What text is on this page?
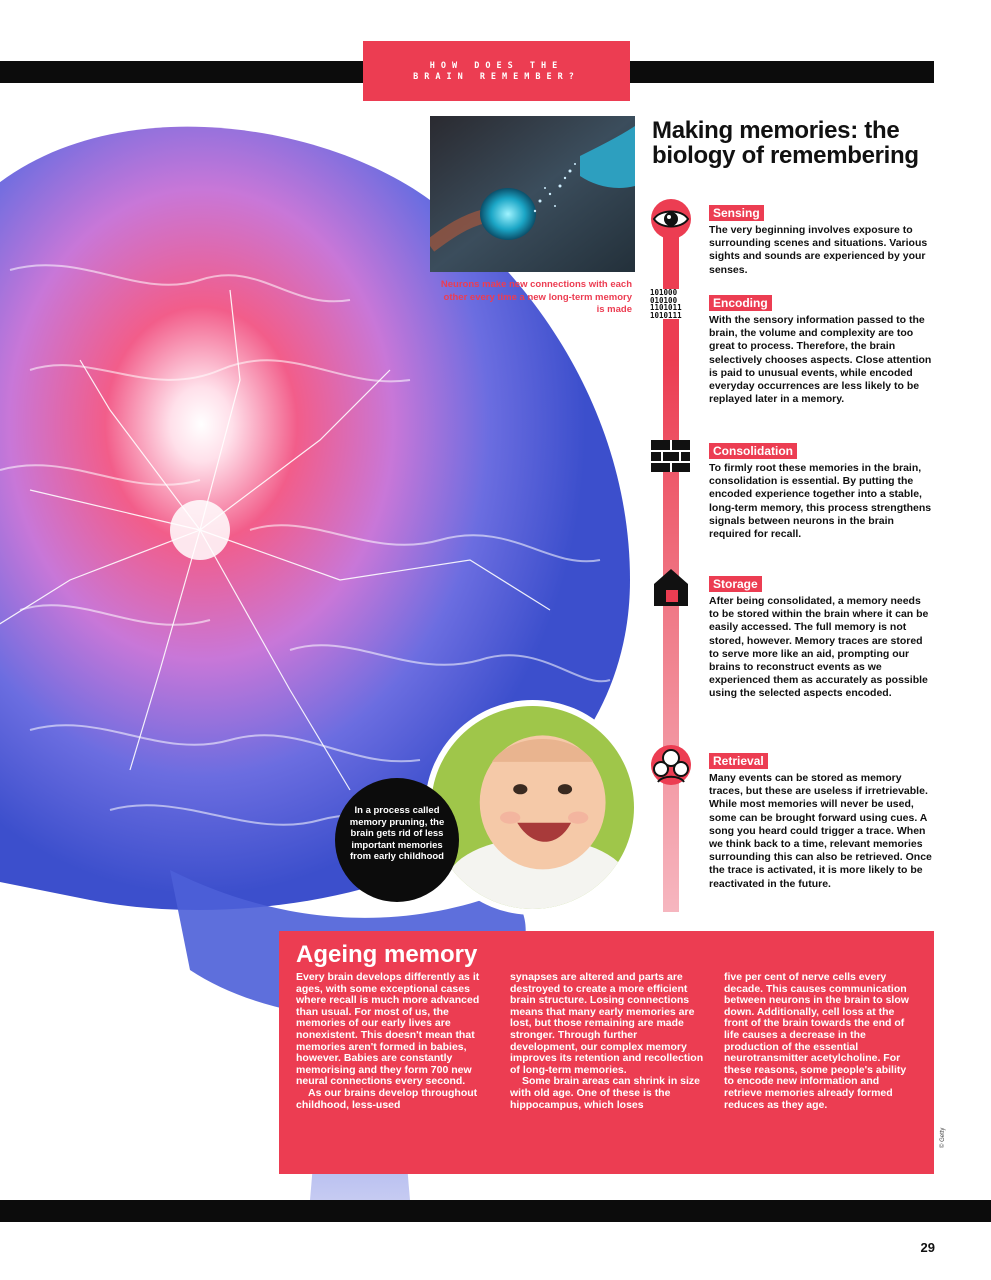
HOW DOES THE
BRAIN REMEMBER?
Neurons make new connections with each other every time a new long-term memory is made
Making memories: the biology of remembering
101000
010100
1101011
1010111
Sensing
The very beginning involves exposure to surrounding scenes and situations. Various sights and sounds are experienced by your senses.
Encoding
With the sensory information passed to the brain, the volume and complexity are too great to process. Therefore, the brain selectively chooses aspects. Close attention is paid to unusual events, while encoded everyday occurrences are less likely to be replayed later in a memory.
Consolidation
To firmly root these memories in the brain, consolidation is essential. By putting the encoded experience together into a stable, long-term memory, this process strengthens signals between neurons in the brain required for recall.
Storage
After being consolidated, a memory needs to be stored within the brain where it can be easily accessed. The full memory is not stored, however. Memory traces are stored to serve more like an aid, prompting our brains to reconstruct events as we experienced them as accurately as possible using the selected aspects encoded.
Retrieval
Many events can be stored as memory traces, but these are useless if irretrievable. While most memories will never be used, some can be brought forward using cues. A song you heard could trigger a trace. When we think back to a time, relevant memories surrounding this can also be retrieved. Once the trace is activated, it is more likely to be reactivated in the future.
In a process called memory pruning, the brain gets rid of less important memories from early childhood
Ageing memory

Every brain develops differently as it ages, with some exceptional cases where recall is much more advanced than usual. For most of us, the memories of our early lives are nonexistent. This doesn't mean that memories aren't formed in babies, however. Babies are constantly memorising and they form 700 new neural connections every second.

As our brains develop throughout childhood, less-used

synapses are altered and parts are destroyed to create a more efficient brain structure. Losing connections means that many early memories are lost, but those remaining are made stronger. Through further development, our complex memory improves its retention and recollection of long-term memories.

Some brain areas can shrink in size with old age. One of these is the hippocampus, which loses

five per cent of nerve cells every decade. This causes communication between neurons in the brain to slow down. Additionally, cell loss at the front of the brain towards the end of life causes a decrease in the production of the essential neurotransmitter acetylcholine. For these reasons, some people's ability to encode new information and retrieve memories already formed reduces as they age.

© Getty
29
